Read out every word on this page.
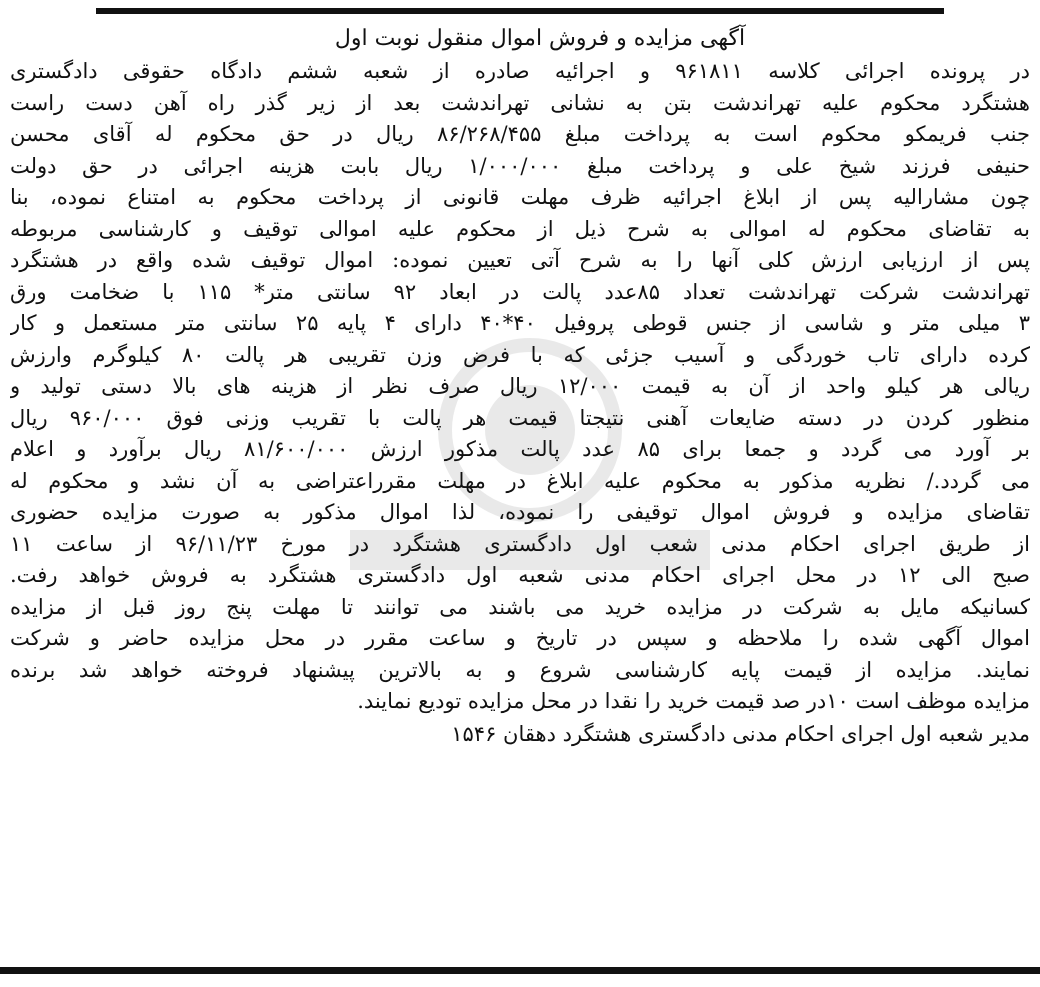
آگهی مزایده و فروش اموال منقول نوبت اول
در پرونده اجرائی کلاسه ۹۶۱۸۱۱ و اجرائیه صادره از شعبه ششم دادگاه حقوقی دادگستری
هشتگرد محکوم علیه تهراندشت بتن به نشانی تهراندشت بعد از زیر گذر راه آهن دست راست
جنب فریمکو محکوم است به پرداخت مبلغ ۸۶/۲۶۸/۴۵۵ ریال در حق محکوم له آقای محسن
حنیفی فرزند شیخ علی و پرداخت مبلغ ۱/۰۰۰/۰۰۰ ریال بابت هزینه اجرائی در حق دولت
چون مشارالیه پس از ابلاغ اجرائیه ظرف مهلت قانونی از پرداخت محکوم به امتناع نموده، بنا
به تقاضای محکوم له اموالی به شرح ذیل از محکوم علیه اموالی توقیف و کارشناسی مربوطه
پس از ارزیابی ارزش کلی آنها را به شرح آتی تعیین نموده: اموال توقیف شده واقع در هشتگرد
تهراندشت شرکت تهراندشت تعداد ۸۵عدد پالت در ابعاد ۹۲ سانتی متر* ۱۱۵ با ضخامت ورق
۳ میلی متر و شاسی از جنس قوطی پروفیل ۴۰*۴۰ دارای ۴ پایه ۲۵ سانتی متر مستعمل و کار
کرده دارای تاب خوردگی و آسیب جزئی که با فرض وزن تقریبی هر پالت ۸۰ کیلوگرم وارزش
ریالی هر کیلو واحد از آن به قیمت ۱۲/۰۰۰ ریال صرف نظر از هزینه های بالا دستی تولید و
منظور کردن در دسته ضایعات آهنی نتیجتا قیمت هر پالت با تقریب وزنی فوق ۹۶۰/۰۰۰ ریال
بر آورد می گردد و جمعا برای ۸۵ عدد پالت مذکور ارزش ۸۱/۶۰۰/۰۰۰ ریال برآورد و اعلام
می گردد./ نظریه مذکور به محکوم علیه ابلاغ در مهلت مقرراعتراضی به آن نشد و محکوم له
تقاضای مزایده و فروش اموال توقیفی را نموده، لذا اموال مذکور به صورت مزایده حضوری
از طریق اجرای احکام مدنی شعب اول دادگستری هشتگرد در مورخ ۹۶/۱۱/۲۳ از ساعت ۱۱
صبح الی ۱۲ در محل اجرای احکام مدنی شعبه اول دادگستری هشتگرد به فروش خواهد رفت.
کسانیکه مایل به شرکت در مزایده خرید می باشند می توانند تا مهلت پنج روز قبل از مزایده
اموال آگهی شده را ملاحظه و سپس در تاریخ و ساعت مقرر در محل مزایده حاضر و شرکت
نمایند. مزایده از قیمت پایه کارشناسی شروع و به بالاترین پیشنهاد فروخته خواهد شد برنده
مزایده موظف است ۱۰در صد قیمت خرید را نقدا در محل مزایده تودیع نمایند.
مدیر شعبه اول اجرای احکام مدنی دادگستری هشتگرد دهقان ۱۵۴۶
